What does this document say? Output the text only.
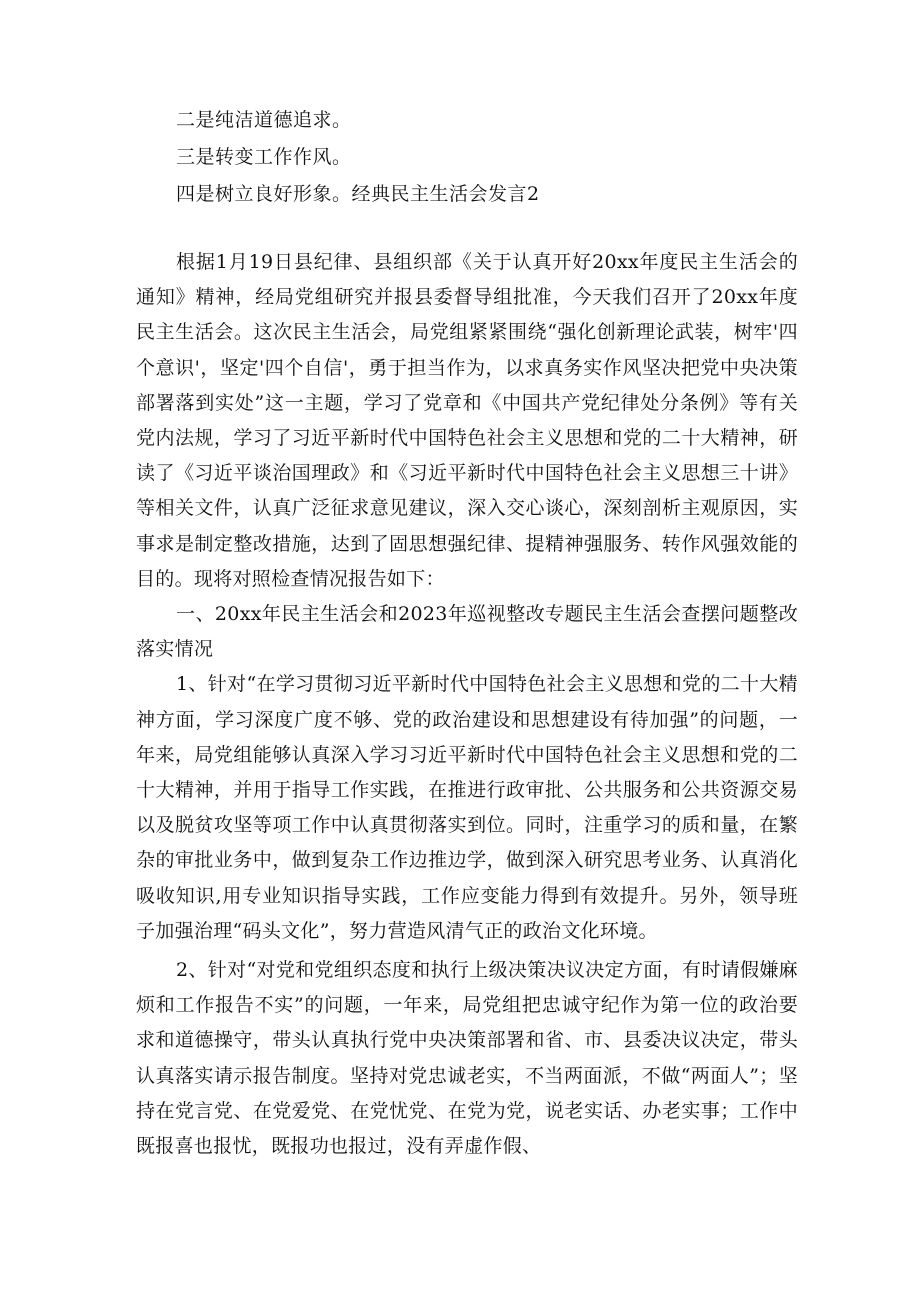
二是纯洁道德追求。

三是转变工作作风。

四是树立良好形象。经典民主生活会发言2

根据1月19日县纪律、县组织部《关于认真开好20xx年度民主生活会的通知》精神，经局党组研究并报县委督导组批准，今天我们召开了20xx年度民主生活会。这次民主生活会，局党组紧紧围绕“强化创新理论武装，树牢'四个意识'，坚定'四个自信'，勇于担当作为，以求真务实作风坚决把党中央决策部署落到实处”这一主题，学习了党章和《中国共产党纪律处分条例》等有关党内法规，学习了习近平新时代中国特色社会主义思想和党的二十大精神，研读了《习近平谈治国理政》和《习近平新时代中国特色社会主义思想三十讲》等相关文件，认真广泛征求意见建议，深入交心谈心，深刻剖析主观原因，实事求是制定整改措施，达到了固思想强纪律、提精神强服务、转作风强效能的目的。现将对照检查情况报告如下：

一、20xx年民主生活会和2023年巡视整改专题民主生活会查摆问题整改落实情况

1、针对“在学习贯彻习近平新时代中国特色社会主义思想和党的二十大精神方面，学习深度广度不够、党的政治建设和思想建设有待加强”的问题，一年来，局党组能够认真深入学习习近平新时代中国特色社会主义思想和党的二十大精神，并用于指导工作实践，在推进行政审批、公共服务和公共资源交易以及脱贫攻坚等项工作中认真贯彻落实到位。同时，注重学习的质和量，在繁杂的审批业务中，做到复杂工作边推边学，做到深入研究思考业务、认真消化吸收知识,用专业知识指导实践，工作应变能力得到有效提升。另外，领导班子加强治理“码头文化”，努力营造风清气正的政治文化环境。

2、针对“对党和党组织态度和执行上级决策决议决定方面，有时请假嫌麻烦和工作报告不实”的问题，一年来，局党组把忠诚守纪作为第一位的政治要求和道德操守，带头认真执行党中央决策部署和省、市、县委决议决定，带头认真落实请示报告制度。坚持对党忠诚老实，不当两面派，不做“两面人”；坚持在党言党、在党爱党、在党忧党、在党为党，说老实话、办老实事；工作中既报喜也报忧，既报功也报过，没有弄虚作假、
